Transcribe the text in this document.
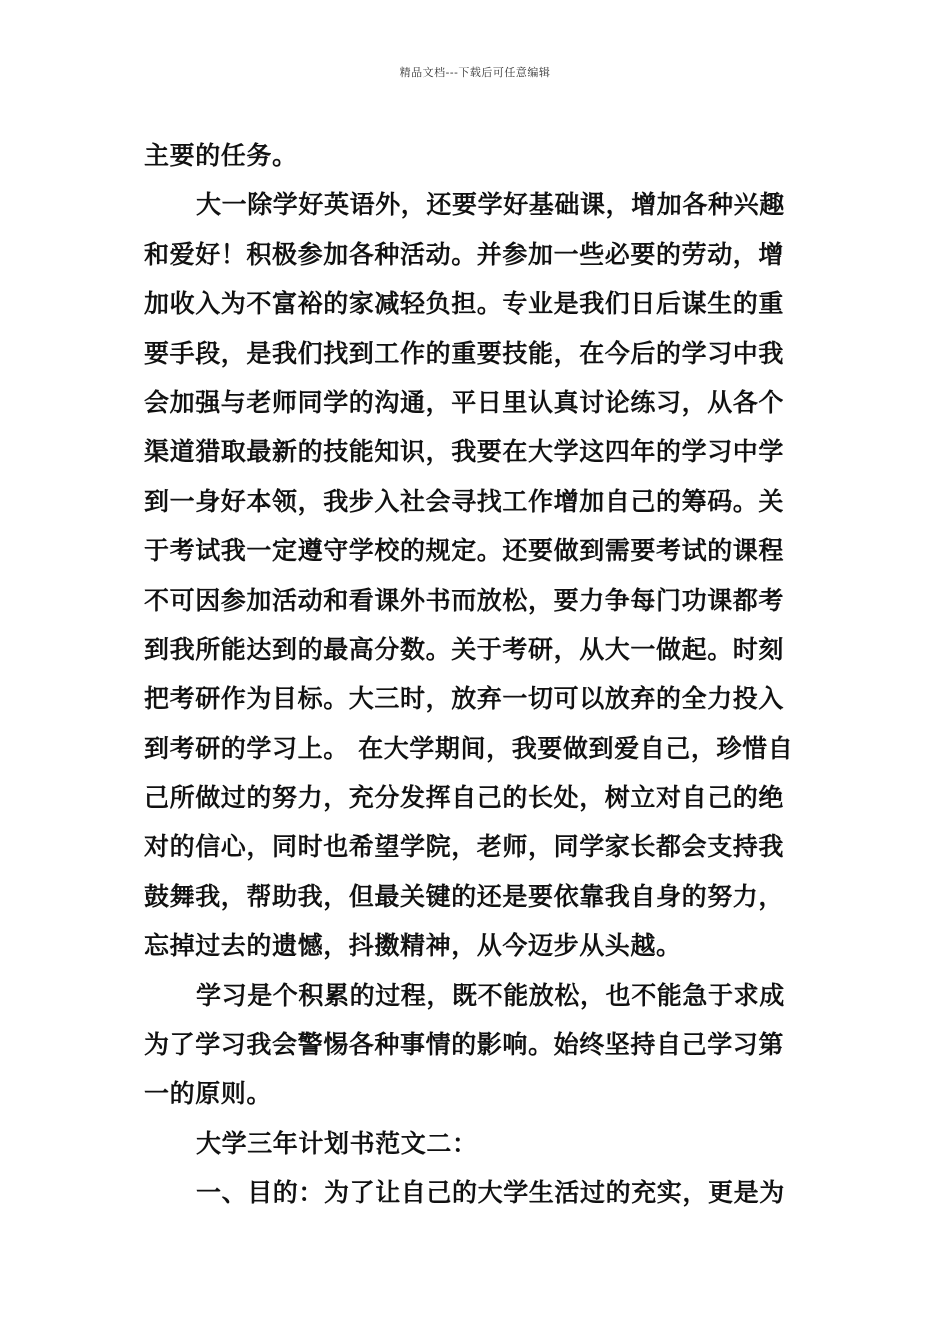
精品文档---下载后可任意编辑
主要的任务。
大一除学好英语外，还要学好基础课，增加各种兴趣
和爱好！积极参加各种活动。并参加一些必要的劳动，增
加收入为不富裕的家减轻负担。专业是我们日后谋生的重
要手段，是我们找到工作的重要技能，在今后的学习中我
会加强与老师同学的沟通，平日里认真讨论练习，从各个
渠道猎取最新的技能知识，我要在大学这四年的学习中学
到一身好本领，我步入社会寻找工作增加自己的筹码。关
于考试我一定遵守学校的规定。还要做到需要考试的课程
不可因参加活动和看课外书而放松，要力争每门功课都考
到我所能达到的最高分数。关于考研，从大一做起。时刻
把考研作为目标。大三时，放弃一切可以放弃的全力投入
到考研的学习上。 在大学期间，我要做到爱自己，珍惜自
己所做过的努力，充分发挥自己的长处，树立对自己的绝
对的信心，同时也希望学院，老师，同学家长都会支持我
鼓舞我，帮助我，但最关键的还是要依靠我自身的努力，
忘掉过去的遗憾，抖擞精神，从今迈步从头越。
学习是个积累的过程，既不能放松，也不能急于求成
为了学习我会警惕各种事情的影响。始终坚持自己学习第
一的原则。
大学三年计划书范文二：
一、目的：为了让自己的大学生活过的充实，更是为
